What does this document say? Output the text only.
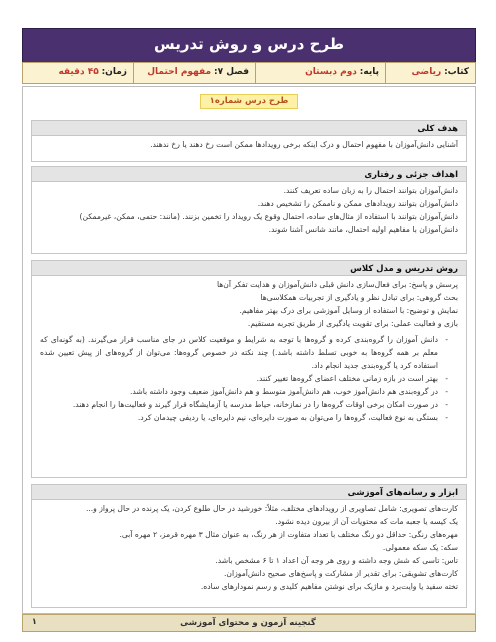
طرح درس و روش تدریس
کتاب: ریاضی
پایه: دوم دبستان
فصل ۷: مفهوم احتمال
زمان: ۴۵ دقیقه
طرح درس شماره۱
هدف کلی
آشنایی دانش‌آموزان با مفهوم احتمال و درک اینکه برخی رویدادها ممکن است رخ دهند یا رخ ندهند.
اهداف جزئی و رفتاری
دانش‌آموزان بتوانند احتمال را به زبان ساده تعریف کنند.
دانش‌آموزان بتوانند رویدادهای ممکن و ناممکن را تشخیص دهند.
دانش‌آموزان بتوانند با استفاده از مثال‌های ساده، احتمال وقوع یک رویداد را تخمین بزنند. (مانند: حتمی، ممکن، غیرممکن)
دانش‌آموزان با مفاهیم اولیه احتمال، مانند شانس آشنا شوند.
روش تدریس و مدل کلاس
پرسش و پاسخ: برای فعال‌سازی دانش قبلی دانش‌آموزان و هدایت تفکر آن‌ها
بحث گروهی: برای تبادل نظر و یادگیری از تجربیات همکلاسی‌ها
نمایش و توضیح: با استفاده از وسایل آموزشی برای درک بهتر مفاهیم.
بازی و فعالیت عملی: برای تقویت یادگیری از طریق تجربه مستقیم.
- دانش آموزان را گروه‌بندی کرده و گروه‌ها با توجه به شرایط و موقعیت کلاس در جای مناسب قرار می‌گیرند. (به گونه‌ای که معلم بر همه گروه‌ها به خوبی تسلط داشته باشد.) چند نکته در خصوص گروه‌ها: می‌توان از گروه‌های از پیش تعیین شده استفاده کرد یا گروه‌بندی جدید انجام داد.
- بهتر است در بازه زمانی مختلف اعضای گروه‌ها تغییر کنند.
- در گروه‌بندی هم دانش‌آموز خوب، هم دانش‌آموز متوسط و هم دانش‌آموز ضعیف وجود داشته باشد.
- در صورت امکان برخی اوقات گروه‌ها را در نمازخانه، حیاط مدرسه یا آزمایشگاه قرار گیرند و فعالیت‌ها را انجام دهند.
- بستگی به نوع فعالیت، گروه‌ها را می‌توان به صورت دایره‌ای، نیم دایره‌ای، یا ردیفی چیدمان کرد.
ابزار و رسانه‌های آموزشی
کارت‌های تصویری: شامل تصاویری از رویدادهای مختلف، مثلاً: خورشید در حال طلوع کردن، یک پرنده در حال پرواز و...
یک کیسه یا جعبه مات که محتویات آن از بیرون دیده نشود.
مهره‌های رنگی: حداقل دو رنگ مختلف با تعداد متفاوت از هر رنگ، به عنوان مثال ۳ مهره قرمز، ۲ مهره آبی.
سکه: یک سکه معمولی.
تاس: تاسی که شش وجه داشته و روی هر وجه آن اعداد ۱ تا ۶ مشخص باشد.
کارت‌های تشویقی: برای تقدیر از مشارکت و پاسخ‌های صحیح دانش‌آموزان.
تخته سفید یا وایت‌برد و ماژیک برای نوشتن مفاهیم کلیدی و رسم نمودارهای ساده.
گنجینه آزمون و محتوای آموزشی
۱
